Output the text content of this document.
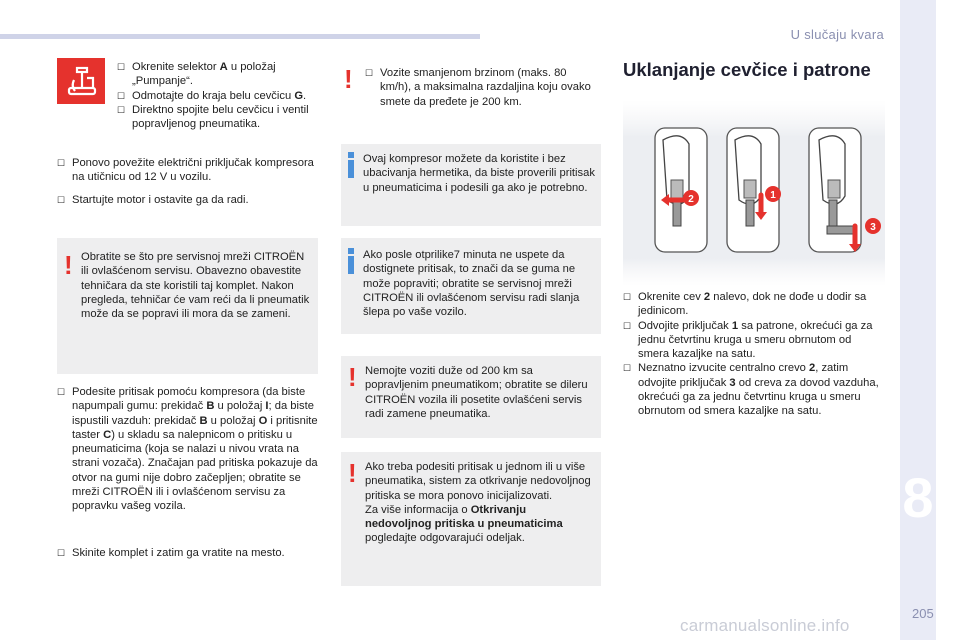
U slučaju kvara
8
205
carmanualsonline.info
☐ Okrenite selektor A u položaj „Pumpanje“.
☐ Odmotajte do kraja belu cevčicu G.
☐ Direktno spojite belu cevčicu i ventil popravljenog pneumatika.
☐ Ponovo povežite električni priključak kompresora na utičnicu od 12 V u vozilu.
☐ Startujte motor i ostavite ga da radi.
! Obratite se što pre servisnoj mreži CITROËN ili ovlašćenom servisu. Obavezno obavestite tehničara da ste koristili taj komplet. Nakon pregleda, tehničar će vam reći da li pneumatik može da se popravi ili mora da se zameni.

☐ Podesite pritisak pomoću kompresora (da biste napumpali gumu: prekidač B u položaj I; da biste ispustili vazduh: prekidač B u položaj O i pritisnite taster C) u skladu sa nalepnicom o pritisku u pneumaticima (koja se nalazi u nivou vrata na strani vozača). Značajan pad pritiska pokazuje da otvor na gumi nije dobro začepljen; obratite se mreži CITROËN ili i ovlašćenom servisu za popravku vašeg vozila.
☐ Skinite komplet i zatim ga vratite na mesto.
! ☐ Vozite smanjenom brzinom (maks. 80 km/h), a maksimalna razdaljina koju ovako smete da pređete je 200 km.

Ovaj kompresor možete da koristite i bez ubacivanja hermetika, da biste proverili pritisak u pneumaticima i podesili ga ako je potrebno.

Ako posle otprilike7 minuta ne uspete da dostignete pritisak, to znači da se guma ne može popraviti; obratite se servisnoj mreži CITROËN ili ovlašćenom servisu radi slanja šlepa po vaše vozilo.

! Nemojte voziti duže od 200 km sa popravljenim pneumatikom; obratite se dileru CITROËN vozila ili posetite ovlašćeni servis radi zamene pneumatika.

! Ako treba podesiti pritisak u jednom ili u više pneumatika, sistem za otkrivanje nedovoljnog pritiska se mora ponovo inicijalizovati.
Za više informacija o Otkrivanju nedovoljnog pritiska u pneumaticima pogledajte odgovarajući odeljak.

Uklanjanje cevčice i patrone
2	1
3
☐ Okrenite cev 2 nalevo, dok ne dođe u dodir sa jedinicom.
☐ Odvojite priključak 1 sa patrone, okrećući ga za jednu četvrtinu kruga u smeru obrnutom od smera kazaljke na satu.
☐ Neznatno izvucite centralno crevo 2, zatim odvojite priključak 3 od creva za dovod vazduha, okrećući ga za jednu četvrtinu kruga u smeru obrnutom od smera kazaljke na satu.
